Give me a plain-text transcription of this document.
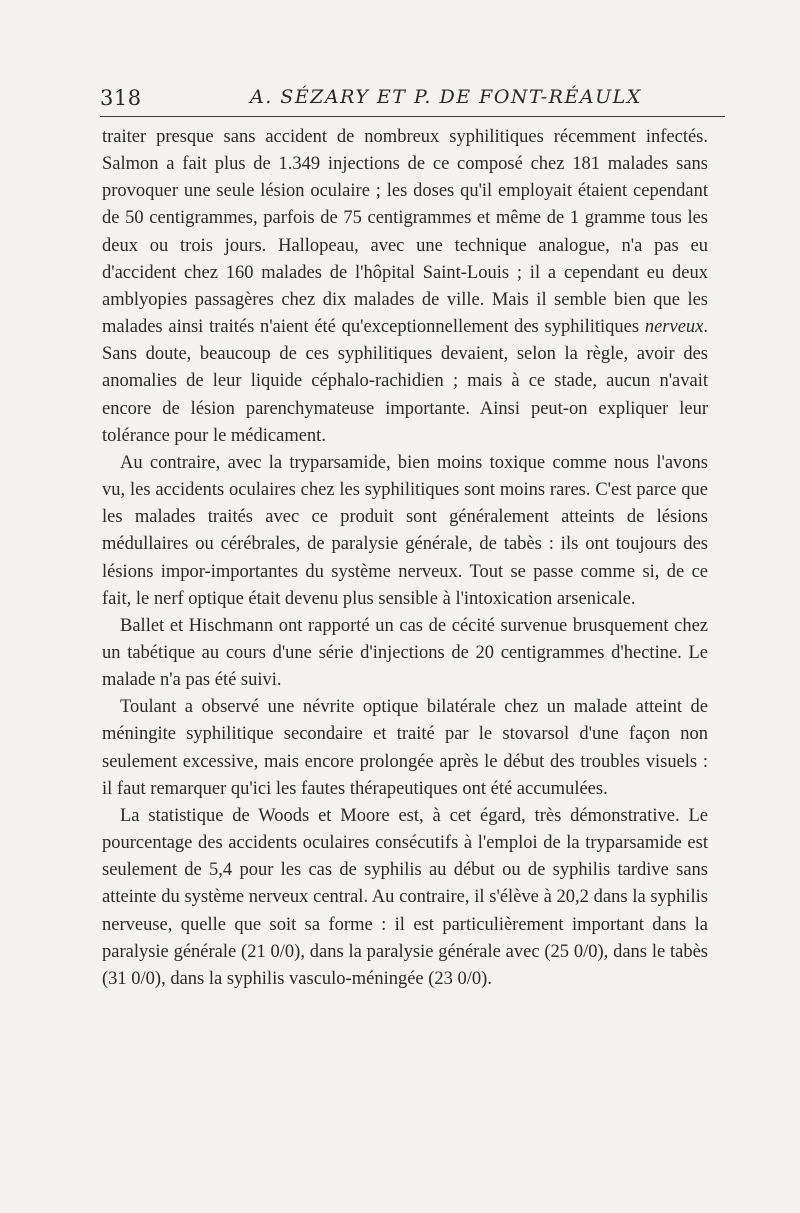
318	A. SÉZARY ET P. DE FONT-RÉAULX

traiter presque sans accident de nombreux syphilitiques récemment infectés. Salmon a fait plus de 1.349 injections de ce composé chez 181 malades sans provoquer une seule lésion oculaire ; les doses qu'il employait étaient cependant de 50 centigrammes, parfois de 75 centigrammes et même de 1 gramme tous les deux ou trois jours. Hallopeau, avec une technique analogue, n'a pas eu d'accident chez 160 malades de l'hôpital Saint-Louis ; il a cependant eu deux amblyopies passagères chez dix malades de ville. Mais il semble bien que les malades ainsi traités n'aient été qu'exceptionnellement des syphilitiques nerveux. Sans doute, beaucoup de ces syphilitiques devaient, selon la règle, avoir des anomalies de leur liquide céphalo-rachidien ; mais à ce stade, aucun n'avait encore de lésion parenchymateuse importante. Ainsi peut-on expliquer leur tolérance pour le médicament.

Au contraire, avec la tryparsamide, bien moins toxique comme nous l'avons vu, les accidents oculaires chez les syphilitiques sont moins rares. C'est parce que les malades traités avec ce produit sont généralement atteints de lésions médullaires ou cérébrales, de paralysie générale, de tabès : ils ont toujours des lésions impor-importantes du système nerveux. Tout se passe comme si, de ce fait, le nerf optique était devenu plus sensible à l'intoxication arsenicale.

Ballet et Hischmann ont rapporté un cas de cécité survenue brusquement chez un tabétique au cours d'une série d'injections de 20 centigrammes d'hectine. Le malade n'a pas été suivi.

Toulant a observé une névrite optique bilatérale chez un malade atteint de méningite syphilitique secondaire et traité par le stovarsol d'une façon non seulement excessive, mais encore prolongée après le début des troubles visuels : il faut remarquer qu'ici les fautes thérapeutiques ont été accumulées.

La statistique de Woods et Moore est, à cet égard, très démonstrative. Le pourcentage des accidents oculaires consécutifs à l'emploi de la tryparsamide est seulement de 5,4 pour les cas de syphilis au début ou de syphilis tardive sans atteinte du système nerveux central. Au contraire, il s'élève à 20,2 dans la syphilis nerveuse, quelle que soit sa forme : il est particulièrement important dans la paralysie générale (21 0/0), dans la paralysie générale avec (25 0/0), dans le tabès (31 0/0), dans la syphilis vasculo-méningée (23 0/0).
